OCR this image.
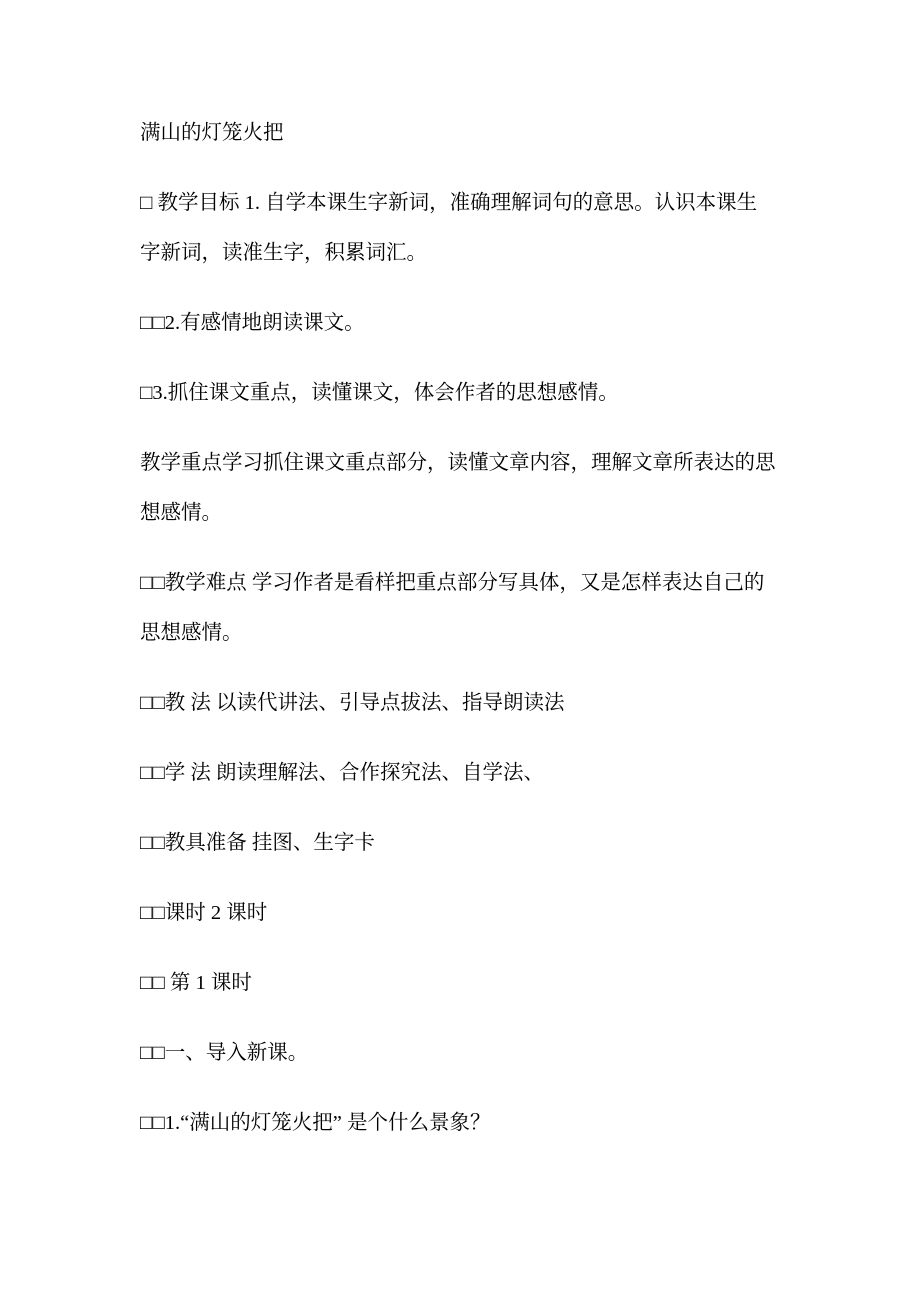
满山的灯笼火把
□ 教学目标 1. 自学本课生字新词，准确理解词句的意思。认识本课生
字新词，读准生字，积累词汇。
□□2.有感情地朗读课文。
□3.抓住课文重点，读懂课文，体会作者的思想感情。
教学重点学习抓住课文重点部分，读懂文章内容，理解文章所表达的思
想感情。
□□教学难点 学习作者是看样把重点部分写具体，又是怎样表达自己的
思想感情。
□□教 法 以读代讲法、引导点拔法、指导朗读法
□□学 法 朗读理解法、合作探究法、自学法、
□□教具准备 挂图、生字卡
□□课时 2 课时
□□ 第 1 课时
□□一、导入新课。
□□1.“满山的灯笼火把” 是个什么景象？
